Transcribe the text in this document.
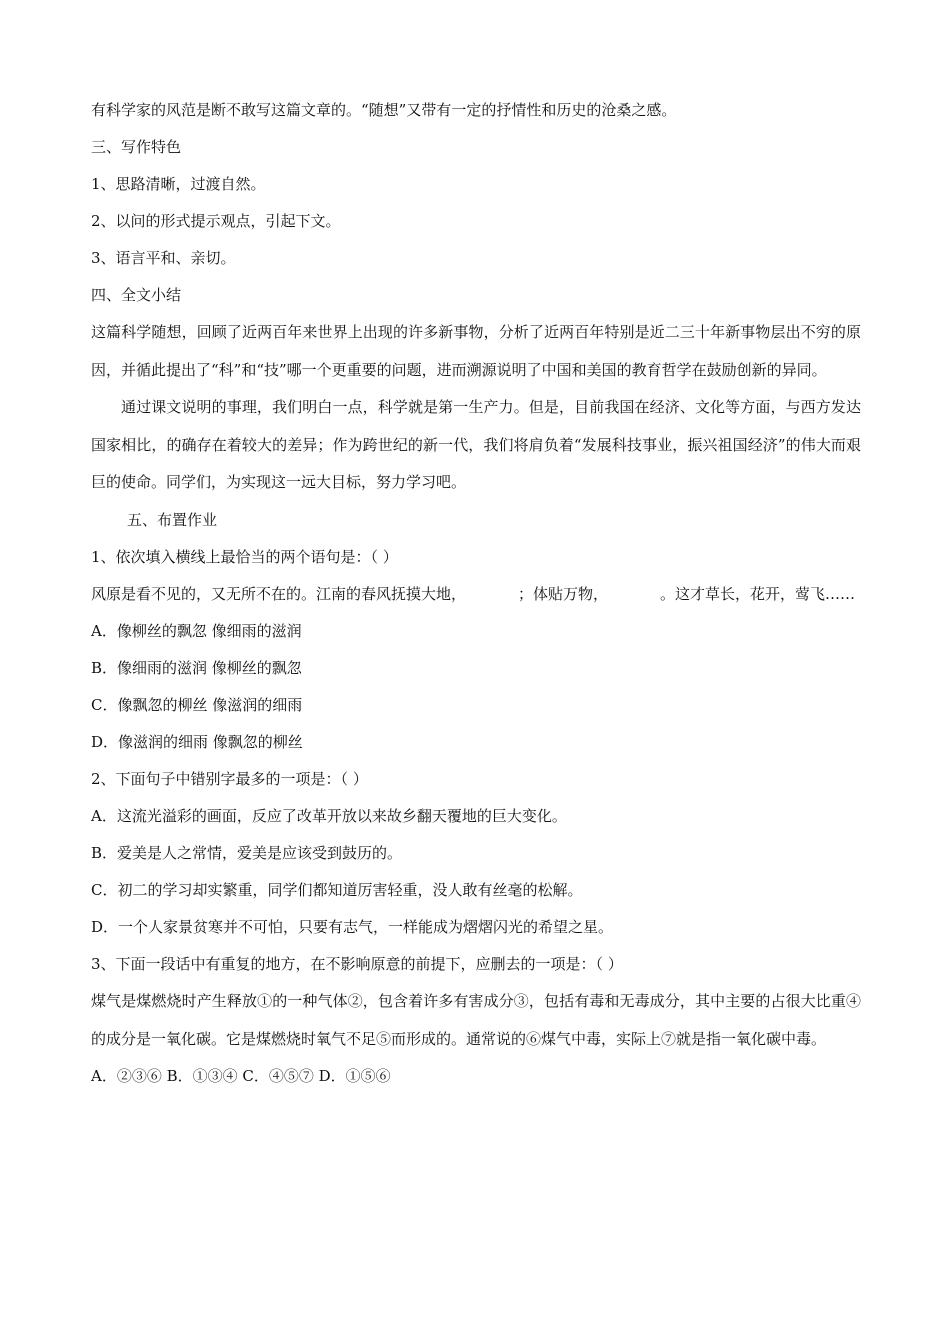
有科学家的风范是断不敢写这篇文章的。“随想”又带有一定的抒情性和历史的沧桑之感。
三、写作特色
1、思路清晰，过渡自然。
2、以问的形式提示观点，引起下文。
3、语言平和、亲切。
四、全文小结
这篇科学随想，回顾了近两百年来世界上出现的许多新事物，分析了近两百年特别是近二三十年新事物层出不穷的原因，并循此提出了“科”和“技”哪一个更重要的问题，进而溯源说明了中国和美国的教育哲学在鼓励创新的异同。
通过课文说明的事理，我们明白一点，科学就是第一生产力。但是，目前我国在经济、文化等方面，与西方发达国家相比，的确存在着较大的差异；作为跨世纪的新一代，我们将肩负着“发展科技事业，振兴祖国经济”的伟大而艰巨的使命。同学们，为实现这一远大目标，努力学习吧。
五、布置作业
1、依次填入横线上最恰当的两个语句是：（ ）
风原是看不见的，又无所不在的。江南的春风抚摸大地，	；体贴万物，	。这才草长，花开，莺飞……
A．像柳丝的飘忽 像细雨的滋润
B．像细雨的滋润 像柳丝的飘忽
C．像飘忽的柳丝 像滋润的细雨
D．像滋润的细雨 像飘忽的柳丝
2、下面句子中错别字最多的一项是：（ ）
A．这流光溢彩的画面，反应了改革开放以来故乡翻天覆地的巨大变化。
B．爱美是人之常情，爱美是应该受到鼓历的。
C．初二的学习却实繁重，同学们都知道厉害轻重，没人敢有丝毫的松解。
D．一个人家景贫寒并不可怕，只要有志气，一样能成为熠熠闪光的希望之星。
3、下面一段话中有重复的地方，在不影响原意的前提下，应删去的一项是：（ ）
煤气是煤燃烧时产生释放①的一种气体②，包含着许多有害成分③，包括有毒和无毒成分，其中主要的占很大比重④的成分是一氧化碳。它是煤燃烧时氧气不足⑤而形成的。通常说的⑥煤气中毒，实际上⑦就是指一氧化碳中毒。
A．②③⑥ B．①③④ C．④⑤⑦ D．①⑤⑥
